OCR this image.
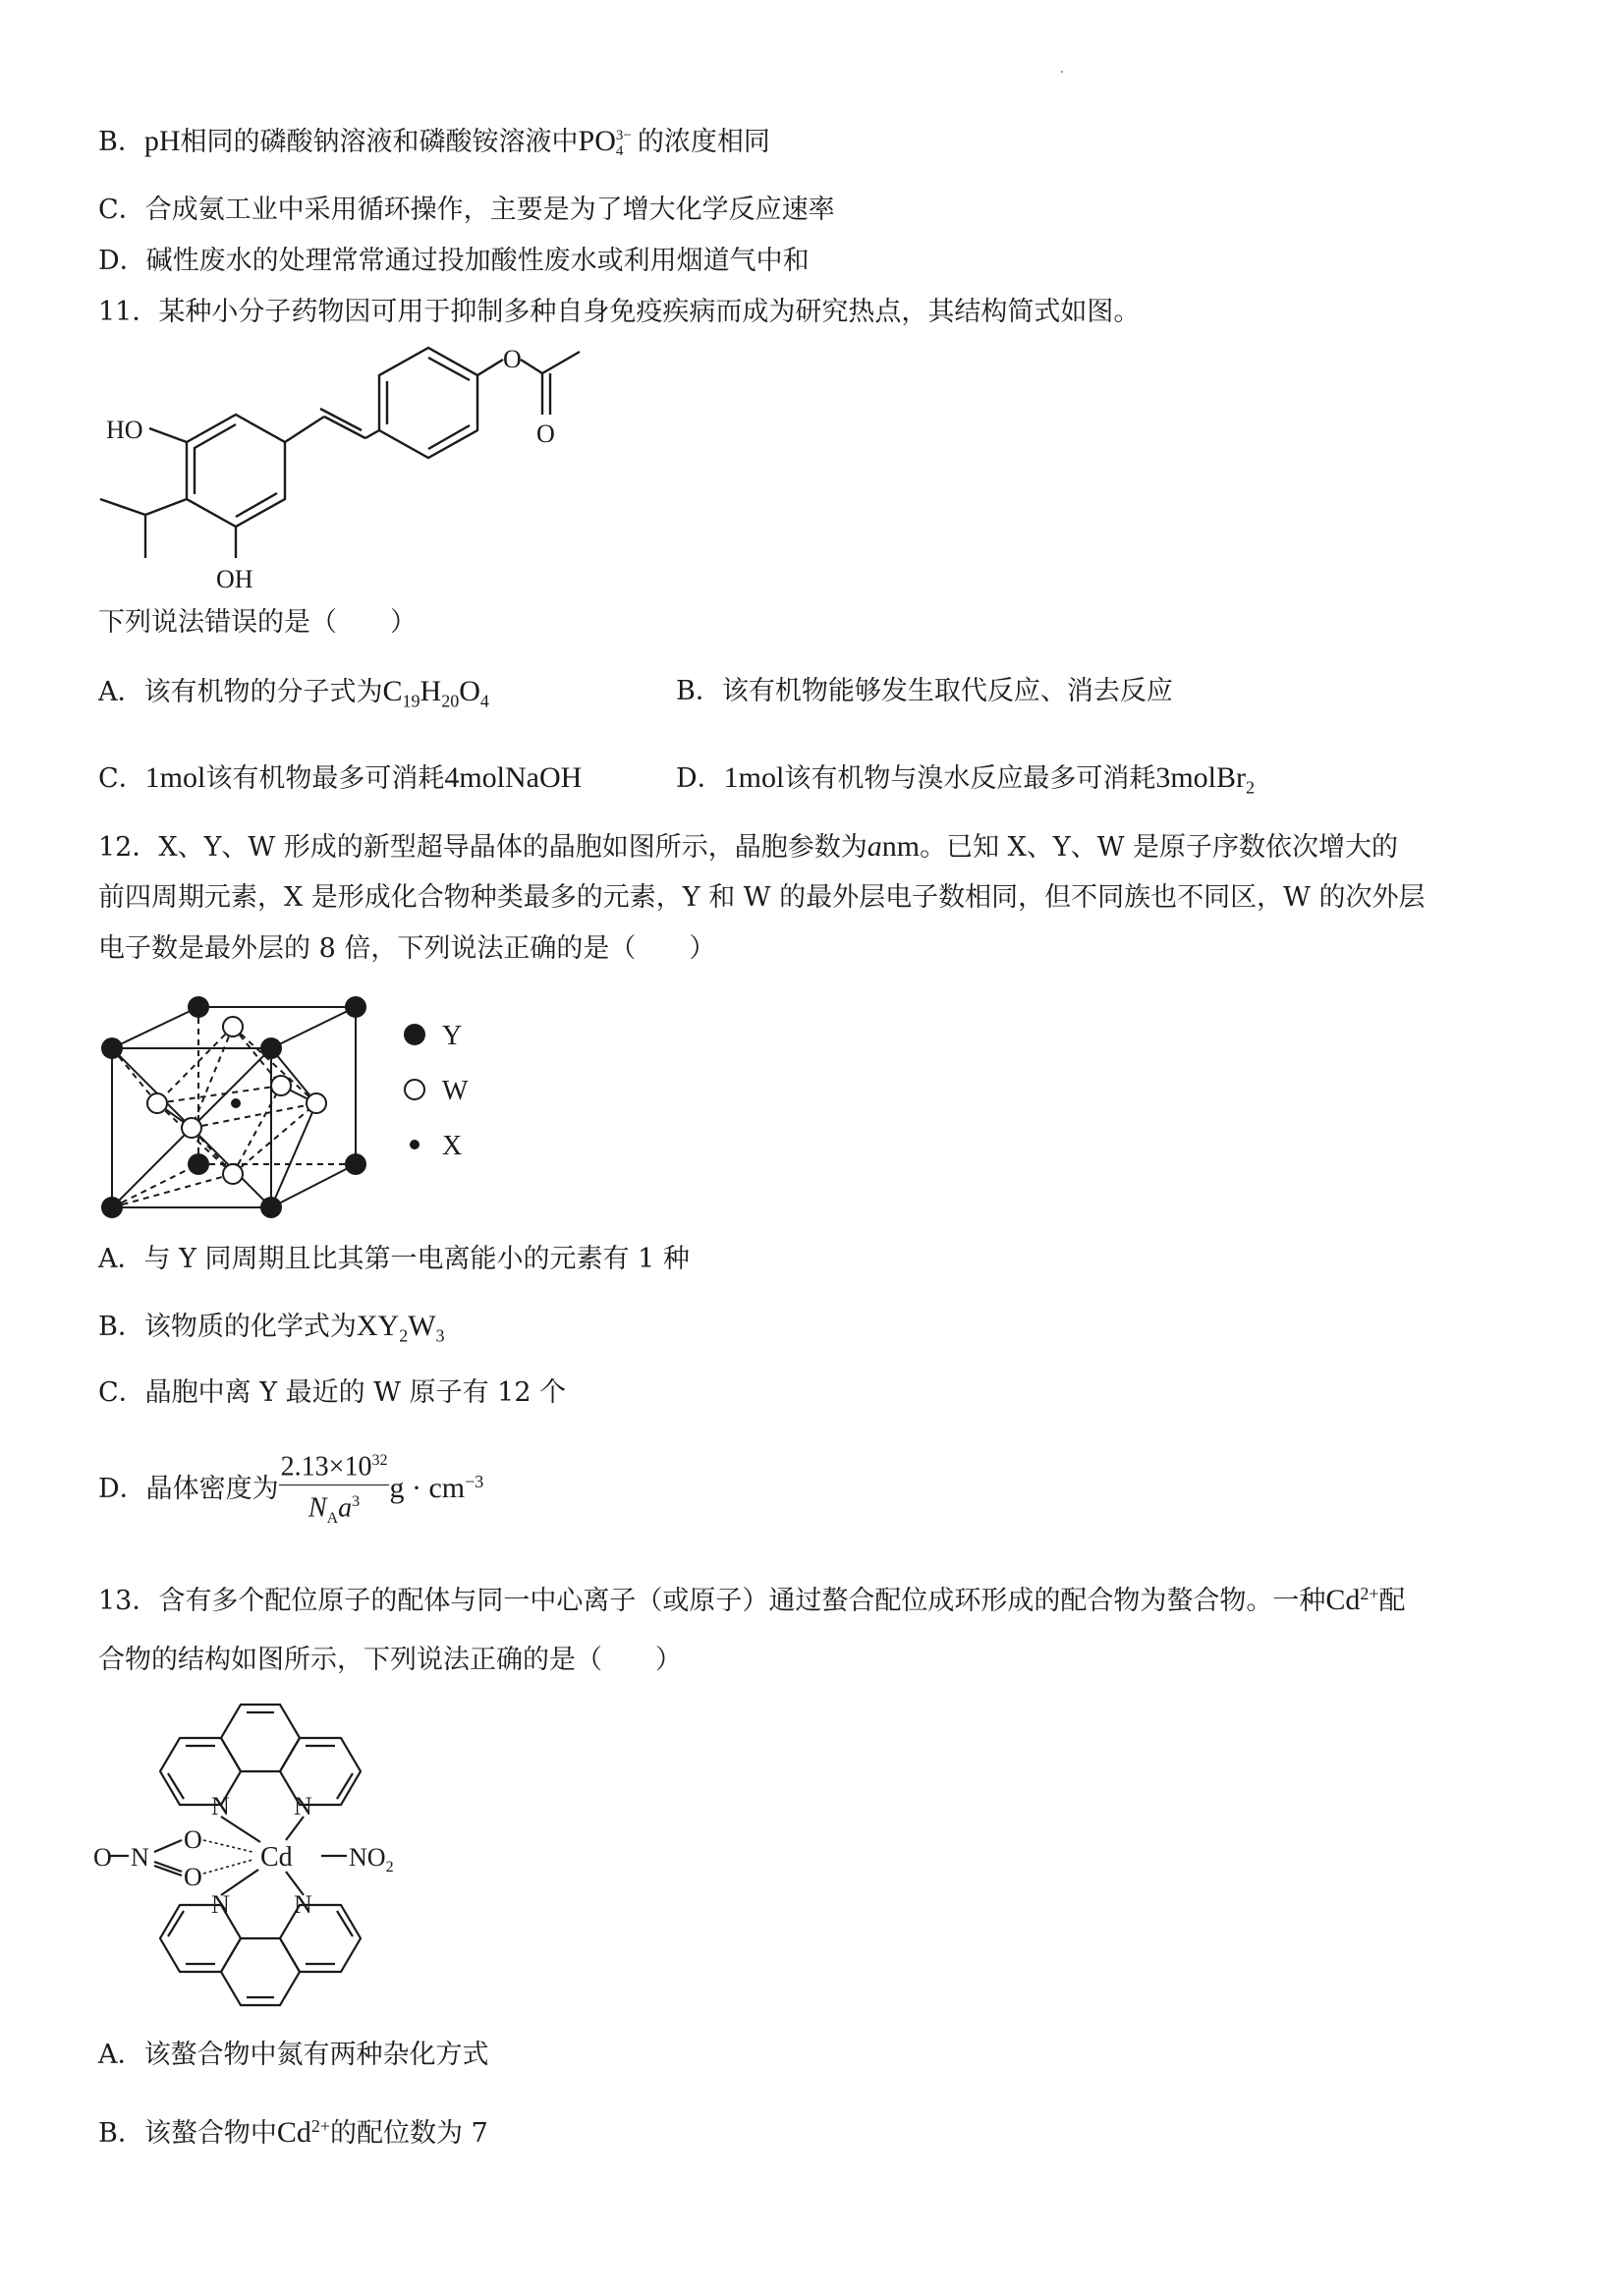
B．pH相同的磷酸钠溶液和磷酸铵溶液中PO 3−
4 的浓度相同
C．合成氨工业中采用循环操作，主要是为了增大化学反应速率
D．碱性废水的处理常常通过投加酸性废水或利用烟道气中和
11．某种小分子药物因可用于抑制多种自身免疫疾病而成为研究热点，其结构简式如图。
HO
OH
O
O
下列说法错误的是（　　）
A．该有机物的分子式为$C_{19}H_{20}O_4$	B．该有机物能够发生取代反应、消去反应
C．1mol该有机物最多可消耗4molNaOH	D．1mol该有机物与溴水反应最多可消耗3molBr$_2$
12．X、Y、W 形成的新型超导晶体的晶胞如图所示，晶胞参数为anm。已知 X、Y、W 是原子序数依次增大的
前四周期元素，X 是形成化合物种类最多的元素，Y 和 W 的最外层电子数相同，但不同族也不同区，W 的次外层
电子数是最外层的 8 倍，下列说法正确的是（　　）
Y
W
X
A．与 Y 同周期且比其第一电离能小的元素有 1 种
B．该物质的化学式为$XY_2W_3$
C．晶胞中离 Y 最近的 W 原子有 12 个
D．晶体密度为 $\frac{2.13\times 10^{32}}{N_Aa^3}$ $g \cdot cm^{-3}$
13．含有多个配位原子的配体与同一中心离子（或原子）通过螯合配位成环形成的配合物为螯合物。一种$Cd^{2+}$配
合物的结构如图所示，下列说法正确的是（　　）
N	N
N	N
O N
O
O
Cd $NO_2$
A．该螯合物中氮有两种杂化方式
B．该螯合物中$Cd^{2+}$的配位数为 7
